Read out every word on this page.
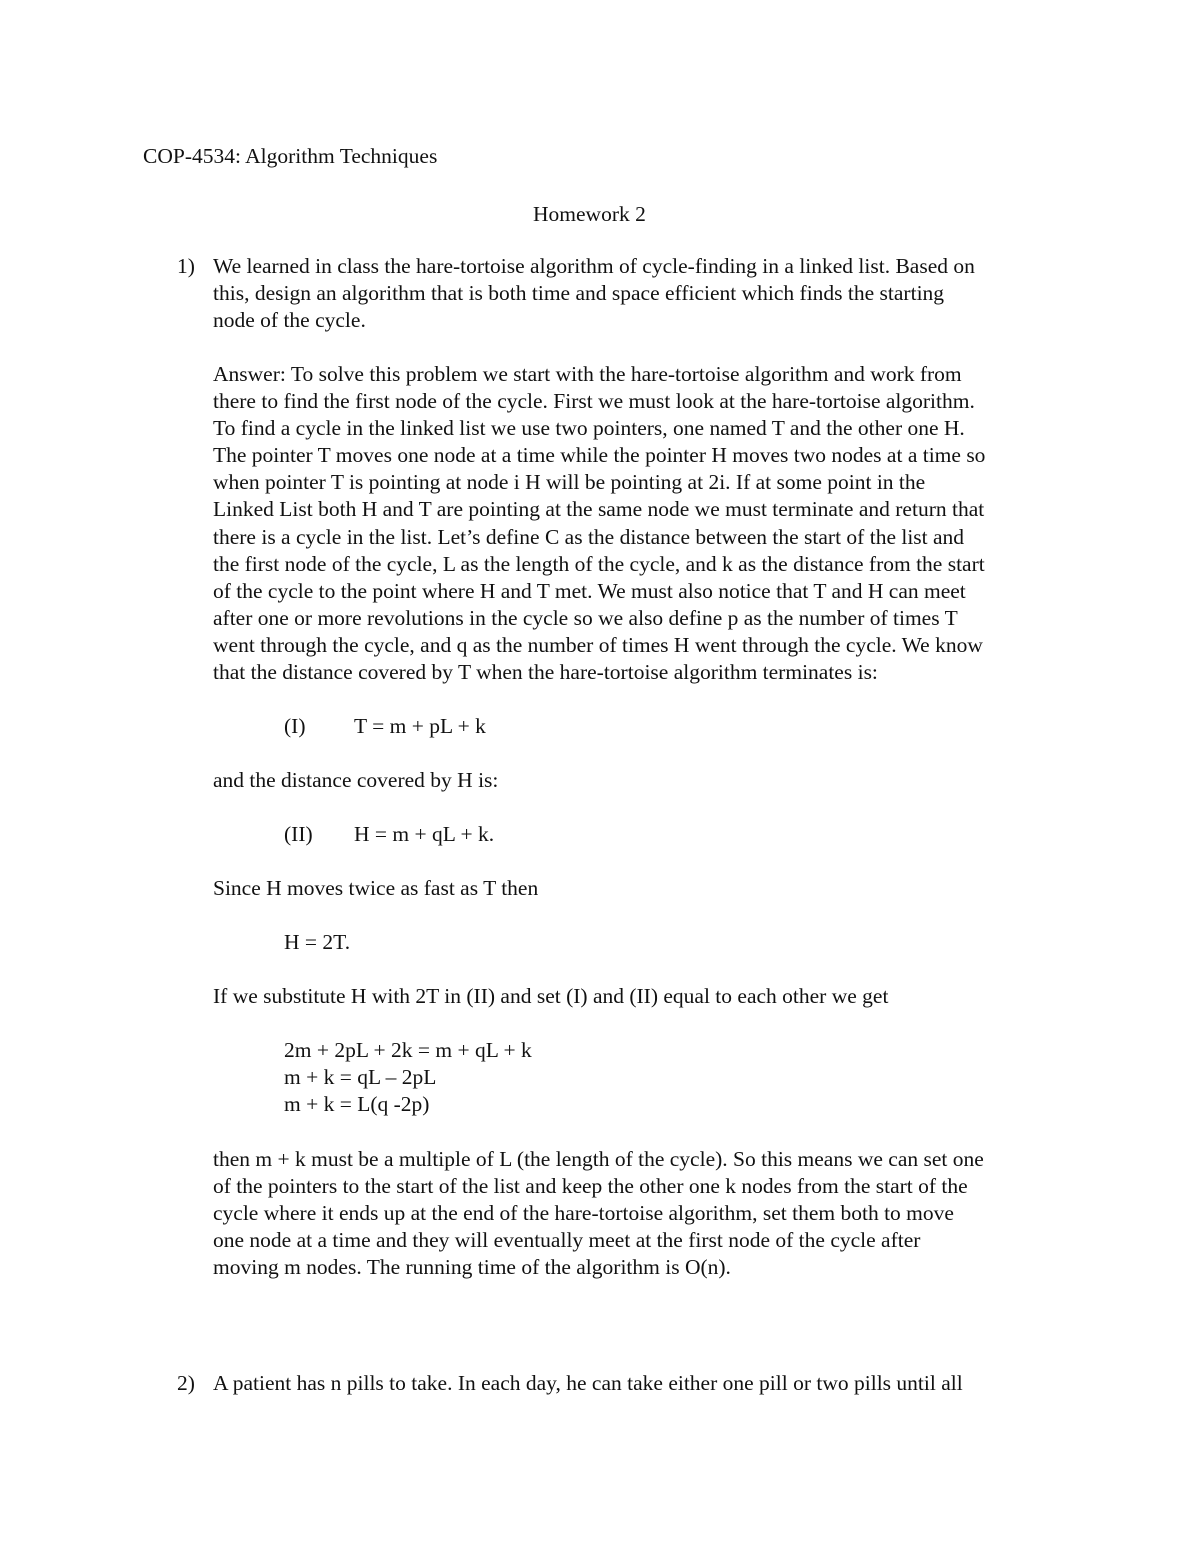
COP-4534: Algorithm Techniques
Homework 2
1) We learned in class the hare-tortoise algorithm of cycle-finding in a linked list. Based on
this, design an algorithm that is both time and space efficient which finds the starting
node of the cycle.
Answer: To solve this problem we start with the hare-tortoise algorithm and work from
there to find the first node of the cycle. First we must look at the hare-tortoise algorithm.
To find a cycle in the linked list we use two pointers, one named T and the other one H.
The pointer T moves one node at a time while the pointer H moves two nodes at a time so
when pointer T is pointing at node i H will be pointing at 2i. If at some point in the
Linked List both H and T are pointing at the same node we must terminate and return that
there is a cycle in the list. Let’s define C as the distance between the start of the list and
the first node of the cycle, L as the length of the cycle, and k as the distance from the start
of the cycle to the point where H and T met. We must also notice that T and H can meet
after one or more revolutions in the cycle so we also define p as the number of times T
went through the cycle, and q as the number of times H went through the cycle. We know
that the distance covered by T when the hare-tortoise algorithm terminates is:
(I) T = m + pL + k
and the distance covered by H is:
(II) H = m + qL + k.
Since H moves twice as fast as T then
H = 2T.
If we substitute H with 2T in (II) and set (I) and (II) equal to each other we get
2m + 2pL + 2k = m + qL + k
m + k = qL – 2pL
m + k = L(q -2p)
then m + k must be a multiple of L (the length of the cycle). So this means we can set one
of the pointers to the start of the list and keep the other one k nodes from the start of the
cycle where it ends up at the end of the hare-tortoise algorithm, set them both to move
one node at a time and they will eventually meet at the first node of the cycle after
moving m nodes. The running time of the algorithm is O(n).
2) A patient has n pills to take. In each day, he can take either one pill or two pills until all
